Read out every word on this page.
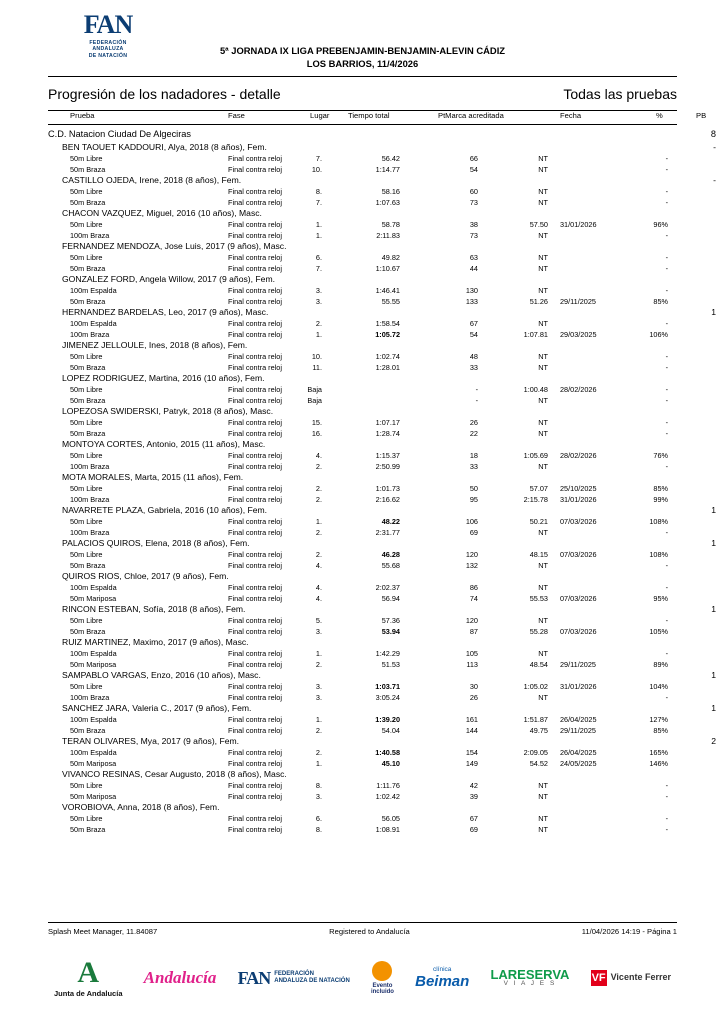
FAN
FEDERACIÓN
ANDALUZA
DE NATACIÓN	5ª JORNADA IX LIGA PREBENJAMIN-BENJAMIN-ALEVIN CÁDIZ
LOS BARRIOS, 11/4/2026
Progresión de los nadadores - detalle	Todas las pruebas
Prueba	Fase	Lugar Tiempo total	PtMarca acreditada	Fecha	%	PB
C.D. Natacion Ciudad De Algeciras	8
BEN TAOUET KADDOURI, Alya, 2018 (8 años), Fem.	-
50m Libre	Final contra reloj	7.	56.42	66	NT	-
50m Braza	Final contra reloj	10.	1:14.77	54	NT	-
CASTILLO OJEDA, Irene, 2018 (8 años), Fem.	-
50m Libre	Final contra reloj	8.	58.16	60	NT	-
50m Braza	Final contra reloj	7.	1:07.63	73	NT	-
CHACON VAZQUEZ, Miguel, 2016 (10 años), Masc.
50m Libre	Final contra reloj	1.	58.78	38	57.50 31/01/2026	96%
100m Braza	Final contra reloj	1.	2:11.83	73	NT	-
FERNANDEZ MENDOZA, Jose Luis, 2017 (9 años), Masc.
50m Libre	Final contra reloj	6.	49.82	63	NT	-
50m Braza	Final contra reloj	7.	1:10.67	44	NT	-
GONZALEZ FORD, Angela Willow, 2017 (9 años), Fem.
100m Espalda	Final contra reloj	3.	1:46.41	130	NT	-
50m Braza	Final contra reloj	3.	55.55	133	51.26 29/11/2025	85%
HERNANDEZ BARDELAS, Leo, 2017 (9 años), Masc.	1
100m Espalda	Final contra reloj	2.	1:58.54	67	NT	-
100m Braza	Final contra reloj	1.	1:05.72	54	1:07.81 29/03/2025	106%
JIMENEZ JELLOULE, Ines, 2018 (8 años), Fem.
50m Libre	Final contra reloj	10.	1:02.74	48	NT	-
50m Braza	Final contra reloj	11.	1:28.01	33	NT	-
LOPEZ RODRIGUEZ, Martina, 2016 (10 años), Fem.
50m Libre	Final contra reloj	Baja	-	1:00.48 28/02/2026	-
50m Braza	Final contra reloj	Baja	-	NT	-
LOPEZOSA SWIDERSKI, Patryk, 2018 (8 años), Masc.
50m Libre	Final contra reloj	15.	1:07.17	26	NT	-
50m Braza	Final contra reloj	16.	1:28.74	22	NT	-
MONTOYA CORTES, Antonio, 2015 (11 años), Masc.
50m Libre	Final contra reloj	4.	1:15.37	18	1:05.69 28/02/2026	76%
100m Braza	Final contra reloj	2.	2:50.99	33	NT	-
MOTA MORALES, Marta, 2015 (11 años), Fem.
50m Libre	Final contra reloj	2.	1:01.73	50	57.07 25/10/2025	85%
100m Braza	Final contra reloj	2.	2:16.62	95	2:15.78 31/01/2026	99%
NAVARRETE PLAZA, Gabriela, 2016 (10 años), Fem.	1
50m Libre	Final contra reloj	1.	48.22	106	50.21 07/03/2026	108%
100m Braza	Final contra reloj	2.	2:31.77	69	NT	-
PALACIOS QUIROS, Elena, 2018 (8 años), Fem.	1
50m Libre	Final contra reloj	2.	46.28	120	48.15 07/03/2026	108%
50m Braza	Final contra reloj	4.	55.68	132	NT	-
QUIROS RIOS, Chloe, 2017 (9 años), Fem.
100m Espalda	Final contra reloj	4.	2:02.37	86	NT	-
50m Mariposa	Final contra reloj	4.	56.94	74	55.53 07/03/2026	95%
RINCON ESTEBAN, Sofía, 2018 (8 años), Fem.	1
50m Libre	Final contra reloj	5.	57.36	120	NT	-
50m Braza	Final contra reloj	3.	53.94	87	55.28 07/03/2026	105%
RUIZ MARTINEZ, Maximo, 2017 (9 años), Masc.
100m Espalda	Final contra reloj	1.	1:42.29	105	NT	-
50m Mariposa	Final contra reloj	2.	51.53	113	48.54 29/11/2025	89%
SAMPABLO VARGAS, Enzo, 2016 (10 años), Masc.	1
50m Libre	Final contra reloj	3.	1:03.71	30	1:05.02 31/01/2026	104%
100m Braza	Final contra reloj	3.	3:05.24	26	NT	-
SANCHEZ JARA, Valeria C., 2017 (9 años), Fem.	1
100m Espalda	Final contra reloj	1.	1:39.20	161	1:51.87 26/04/2025	127%
50m Braza	Final contra reloj	2.	54.04	144	49.75 29/11/2025	85%
TERAN OLIVARES, Mya, 2017 (9 años), Fem.	2
100m Espalda	Final contra reloj	2.	1:40.58	154	2:09.05 26/04/2025	165%
50m Mariposa	Final contra reloj	1.	45.10	149	54.52 24/05/2025	146%
VIVANCO RESINAS, Cesar Augusto, 2018 (8 años), Masc.
50m Libre	Final contra reloj	8.	1:11.76	42	NT	-
50m Mariposa	Final contra reloj	3.	1:02.42	39	NT	-
VOROBIOVA, Anna, 2018 (8 años), Fem.
50m Libre	Final contra reloj	6.	56.05	67	NT	-
50m Braza	Final contra reloj	8.	1:08.91	69	NT	-
Splash Meet Manager, 11.84087	Registered to Andalucía	11/04/2026 14:19 - Página 1
A
Junta de Andalucía
Andalucía FAN FEDERACIÓN
ANDALUZA DE NATACIÓN
Evento
incluido
clínica
Beiman LARESERVA
V I A J E S	VF Vicente Ferrer
